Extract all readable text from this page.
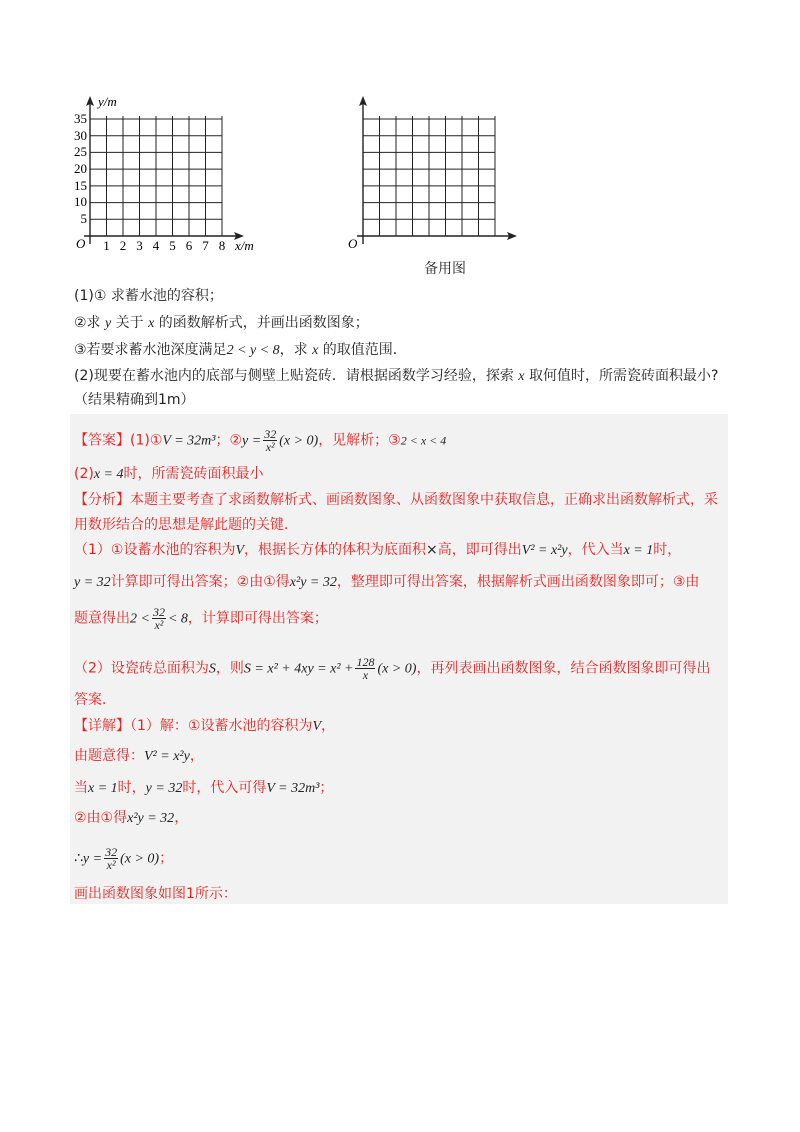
y/m
x/m
O
35
30
25
20
15
10
5
1 2 3 4 5 6 7 8	O
备用图
(1)① 求蓄水池的容积；
②求 y 关于 x 的函数解析式，并画出函数图象；
③若要求蓄水池深度满足2 < y < 8，求 x 的取值范围．
(2)现要在蓄水池内的底部与侧壁上贴瓷砖．请根据函数学习经验，探索 x 取何值时，所需瓷砖面积最小?
（结果精确到1m）
【答案】(1)①V = 32m³；②y = $\frac{32}{\text{x²}} (x > 0)$，见解析；③2 < x < 4
(2)x = 4时，所需瓷砖面积最小
【分析】本题主要考查了求函数解析式、画函数图象、从函数图象中获取信息，正确求出函数解析式，采
用数形结合的思想是解此题的关键．
（1）①设蓄水池的容积为V，根据长方体的体积为底面积×高，即可得出V² = x²y，代入当x = 1时，
y = 32计算即可得出答案；②由①得x²y = 32，整理即可得出答案，根据解析式画出函数图象即可；③由
题意得出$2 < \frac{32}{\text{x²}} < 8$，计算即可得出答案；
（2）设瓷砖总面积为S，则$S = x^2 + 4xy = x^2 + \frac{128}{x} (x > 0)$，再列表画出函数图象，结合函数图象即可得出
答案．
【详解】（1）解：①设蓄水池的容积为V，
由题意得：V² = x²y，
当x = 1时，y = 32时，代入可得V = 32m³；
②由①得x²y = 32，
∴y = $\frac{32}{\text{x²}} (x > 0)$；
画出函数图象如图1所示：
